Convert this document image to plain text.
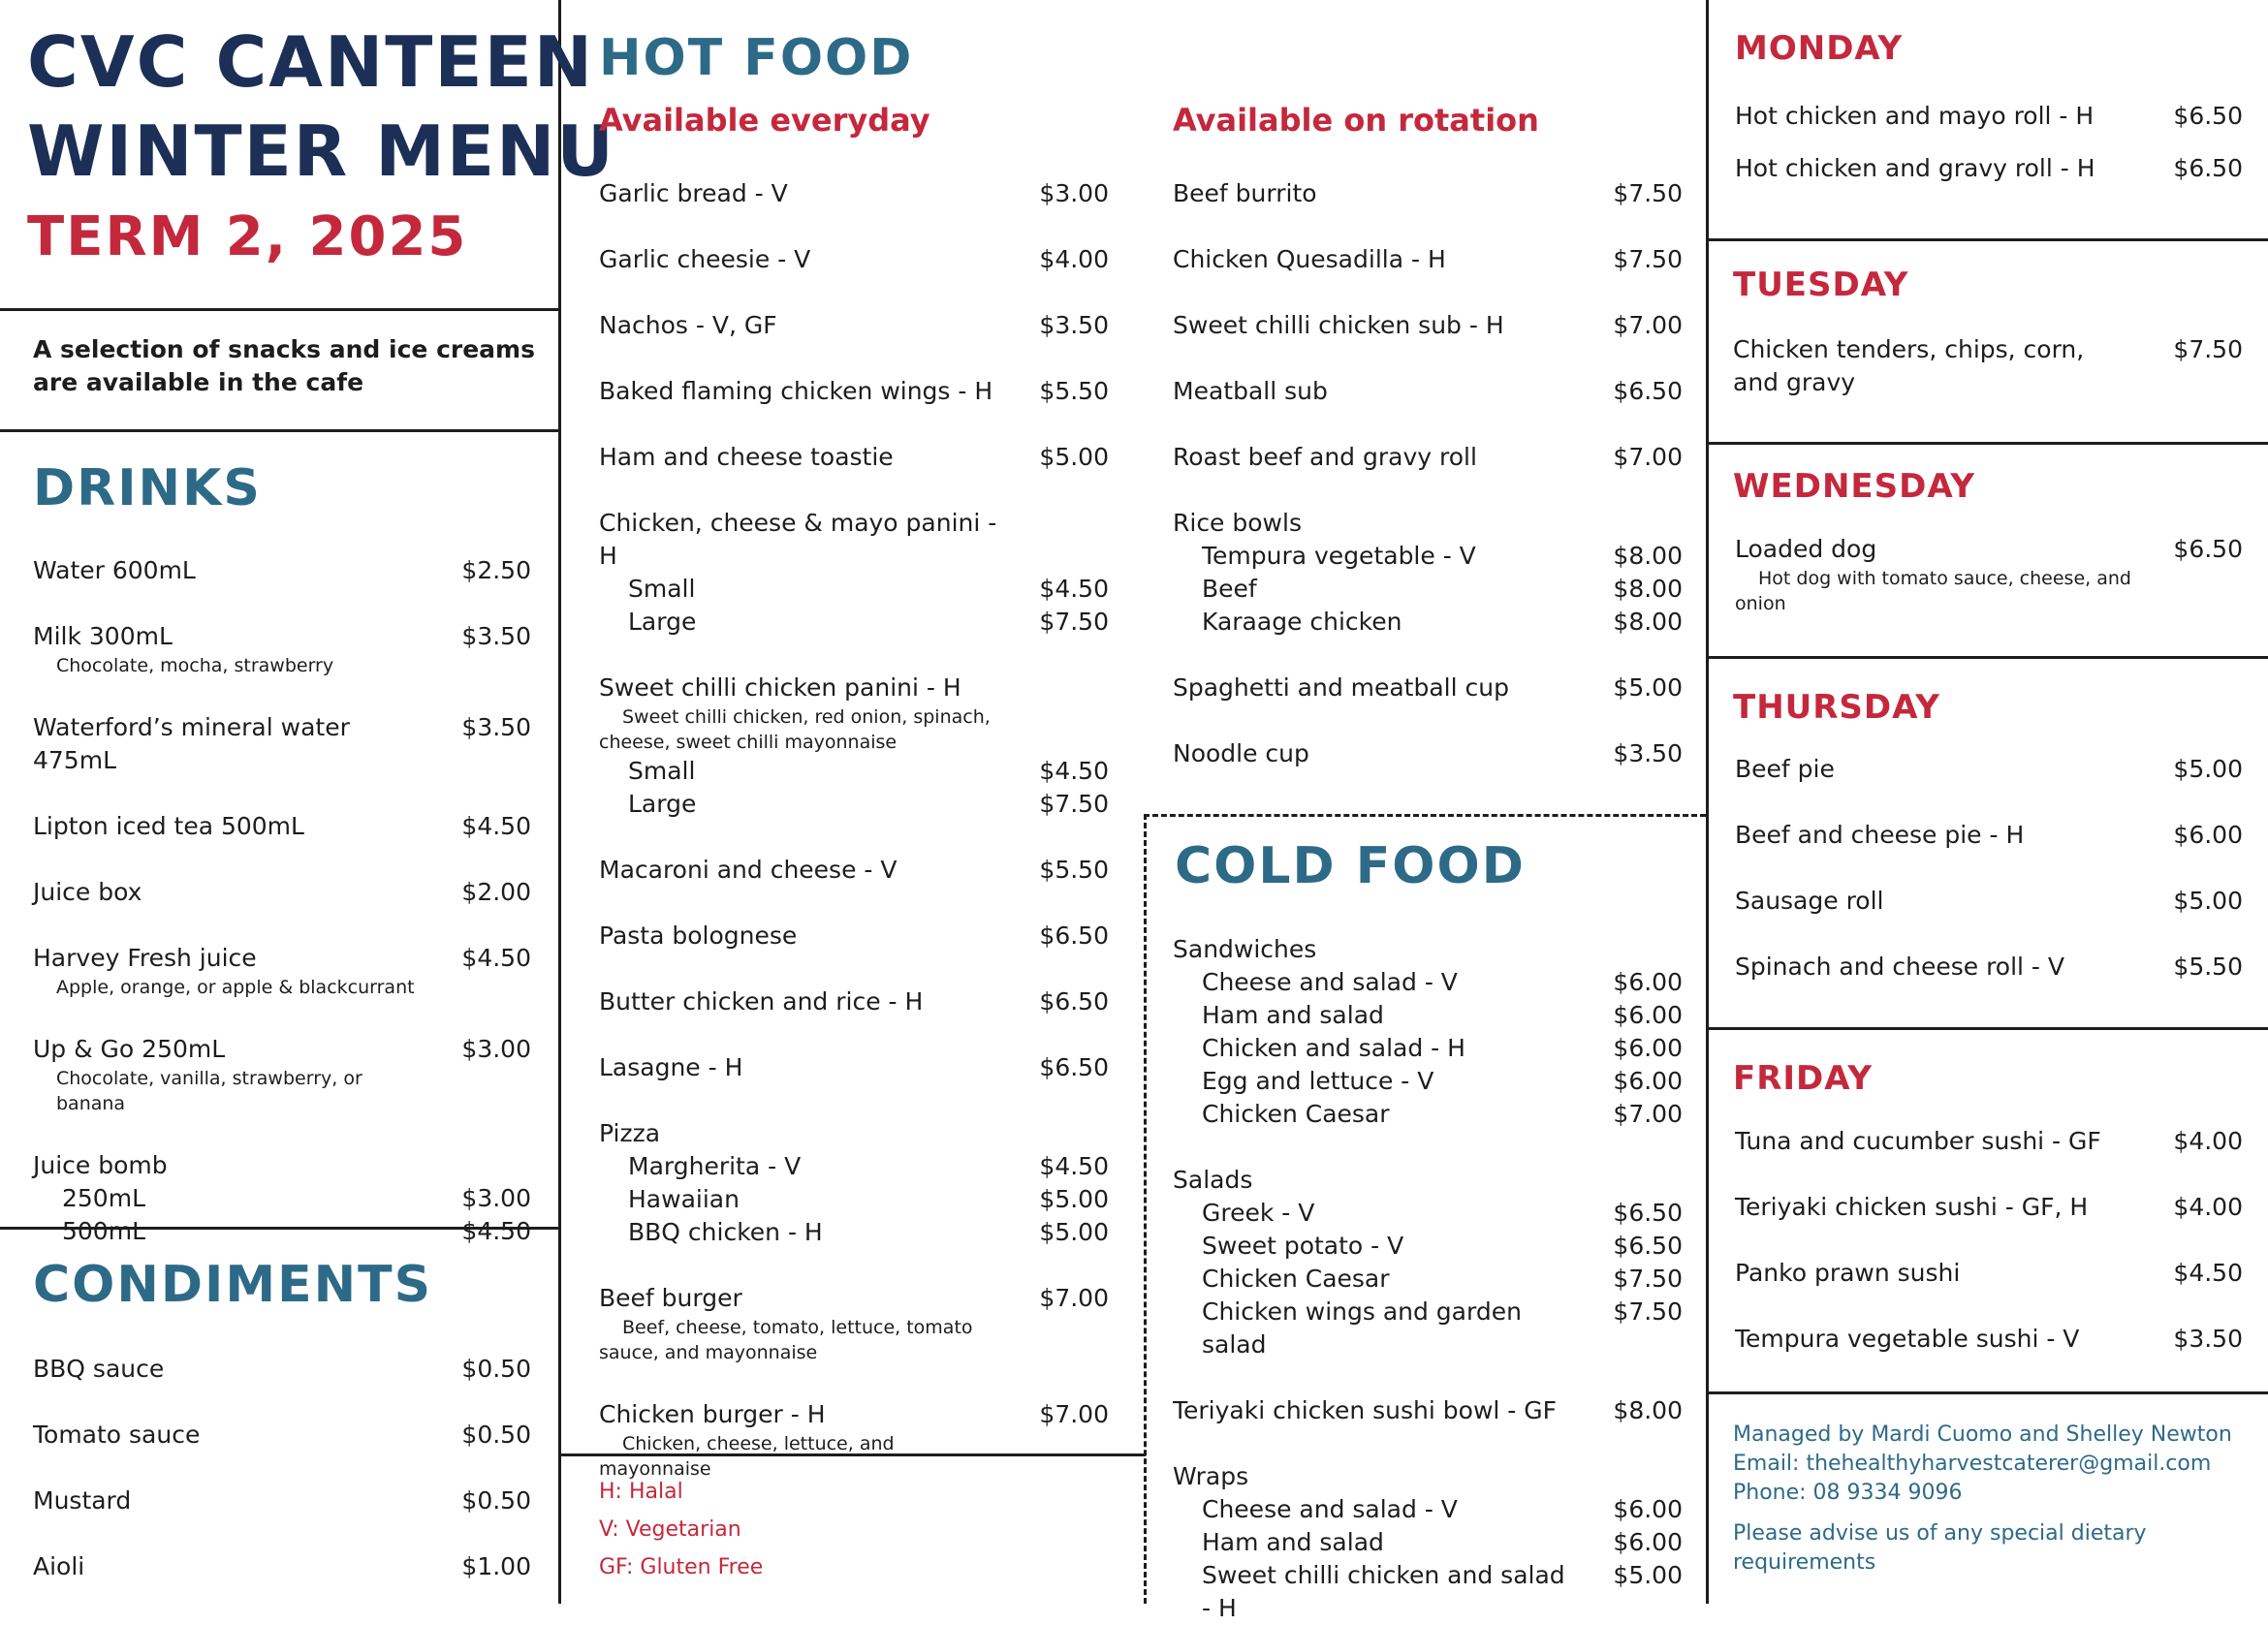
CVC CANTEEN
WINTER MENU
TERM 2, 2025
A selection of snacks and ice creams are available in the cafe
DRINKS
Water 600mL	$2.50
Milk 300mL	$3.50
Chocolate, mocha, strawberry
Waterford’s mineral water 475mL
$3.50
Lipton iced tea 500mL	$4.50
Juice box	$2.00
Harvey Fresh juice	$4.50
Apple, orange, or apple & blackcurrant
Up & Go 250mL	$3.00
Chocolate, vanilla, strawberry, or banana
Juice bomb
250mL	$3.00
500mL	$4.50
CONDIMENTS
BBQ sauce	$0.50
Tomato sauce	$0.50
Mustard	$0.50
Aioli	$1.00
HOT FOOD
Available everyday
Garlic bread - V	$3.00
Garlic cheesie - V	$4.00
Nachos - V, GF	$3.50
Baked flaming chicken wings - H	$5.50
Ham and cheese toastie	$5.00
Chicken, cheese & mayo panini - H
Small	$4.50
Large	$7.50
Sweet chilli chicken panini - H
Sweet chilli chicken, red onion, spinach, cheese, sweet chilli mayonnaise
Small	$4.50
Large	$7.50
Macaroni and cheese - V	$5.50
Pasta bolognese	$6.50
Butter chicken and rice - H	$6.50
Lasagne - H	$6.50
Pizza
Margherita - V	$4.50
Hawaiian	$5.00
BBQ chicken - H	$5.00
Beef burger	$7.00
Beef, cheese, tomato, lettuce, tomato sauce, and mayonnaise
Chicken burger - H	$7.00
Chicken, cheese, lettuce, and mayonnaise
Available on rotation
Beef burrito	$7.50
Chicken Quesadilla - H	$7.50
Sweet chilli chicken sub - H	$7.00
Meatball sub	$6.50
Roast beef and gravy roll	$7.00
Rice bowls
Tempura vegetable - V	$8.00
Beef	$8.00
Karaage chicken	$8.00
Spaghetti and meatball cup	$5.00
Noodle cup	$3.50
COLD FOOD
Sandwiches
Cheese and salad - V	$6.00
Ham and salad	$6.00
Chicken and salad - H	$6.00
Egg and lettuce - V	$6.00
Chicken Caesar	$7.00
Salads
Greek - V	$6.50
Sweet potato - V	$6.50
Chicken Caesar	$7.50
Chicken wings and garden salad
$7.50
Teriyaki chicken sushi bowl - GF	$8.00
Wraps
Cheese and salad - V	$6.00
Ham and salad	$6.00
Sweet chilli chicken and salad - H
$5.00
H: Halal
V: Vegetarian
GF: Gluten Free
MONDAY
Hot chicken and mayo roll - H	$6.50
Hot chicken and gravy roll - H	$6.50
TUESDAY
Chicken tenders, chips, corn, and gravy
$7.50
WEDNESDAY
Loaded dog	$6.50
Hot dog with tomato sauce, cheese, and onion
THURSDAY
Beef pie	$5.00
Beef and cheese pie - H	$6.00
Sausage roll	$5.00
Spinach and cheese roll - V	$5.50
FRIDAY
Tuna and cucumber sushi - GF	$4.00
Teriyaki chicken sushi - GF, H	$4.00
Panko prawn sushi	$4.50
Tempura vegetable sushi - V	$3.50
Managed by Mardi Cuomo and Shelley Newton
Email: thehealthyharvestcaterer@gmail.com
Phone: 08 9334 9096
Please advise us of any special dietary requirements
